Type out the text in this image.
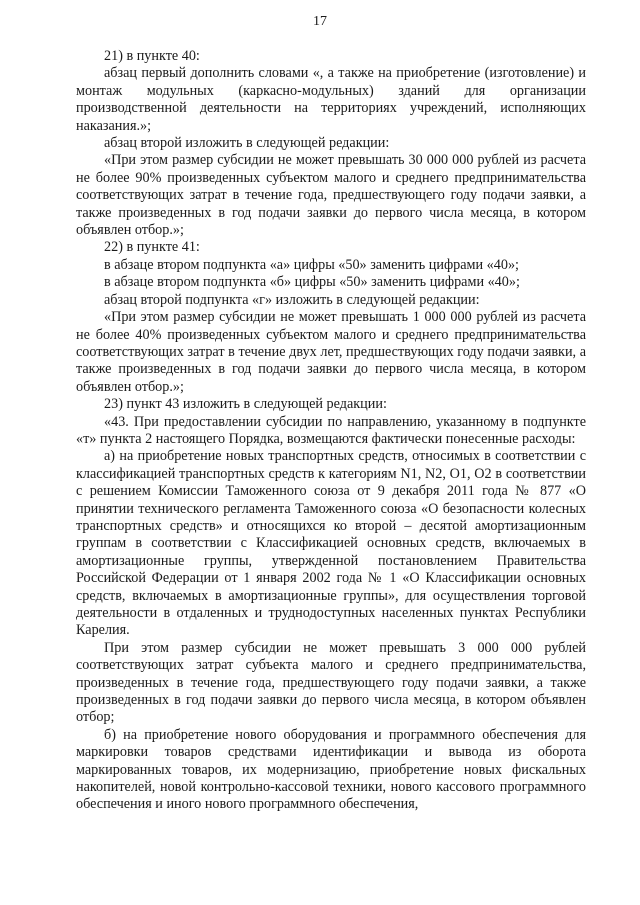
17

21) в пункте 40:

абзац первый дополнить словами «, а также на приобретение (изготовление) и монтаж модульных (каркасно-модульных) зданий для организации производственной деятельности на территориях учреждений, исполняющих наказания.»;

абзац второй изложить в следующей редакции:

«При этом размер субсидии не может превышать 30 000 000 рублей из расчета не более 90% произведенных субъектом малого и среднего предпринимательства соответствующих затрат в течение года, предшествующего году подачи заявки, а также произведенных в год подачи заявки до первого числа месяца, в котором объявлен отбор.»;

22) в пункте 41:

в абзаце втором подпункта «а» цифры «50» заменить цифрами «40»;

в абзаце втором подпункта «б» цифры «50» заменить цифрами «40»;

абзац второй подпункта «г» изложить в следующей редакции:

«При этом размер субсидии не может превышать 1 000 000 рублей из расчета не более 40% произведенных субъектом малого и среднего предпринимательства соответствующих затрат в течение двух лет, предшествующих году подачи заявки, а также произведенных в год подачи заявки до первого числа месяца, в котором объявлен отбор.»;

23) пункт 43 изложить в следующей редакции:

«43. При предоставлении субсидии по направлению, указанному в подпункте «т» пункта 2 настоящего Порядка, возмещаются фактически понесенные расходы:

а) на приобретение новых транспортных средств, относимых в соответствии с классификацией транспортных средств к категориям N1, N2, O1, O2 в соответствии с решением Комиссии Таможенного союза от 9 декабря 2011 года № 877 «О принятии технического регламента Таможенного союза «О безопасности колесных транспортных средств» и относящихся ко второй – десятой амортизационным группам в соответствии с Классификацией основных средств, включаемых в амортизационные группы, утвержденной постановлением Правительства Российской Федерации от 1 января 2002 года № 1 «О Классификации основных средств, включаемых в амортизационные группы», для осуществления торговой деятельности в отдаленных и труднодоступных населенных пунктах Республики Карелия.

При этом размер субсидии не может превышать 3 000 000 рублей соответствующих затрат субъекта малого и среднего предпринимательства, произведенных в течение года, предшествующего году подачи заявки, а также произведенных в год подачи заявки до первого числа месяца, в котором объявлен отбор;

б) на приобретение нового оборудования и программного обеспечения для маркировки товаров средствами идентификации и вывода из оборота маркированных товаров, их модернизацию, приобретение новых фискальных накопителей, новой контрольно-кассовой техники, нового кассового программного обеспечения и иного нового программного обеспечения,
